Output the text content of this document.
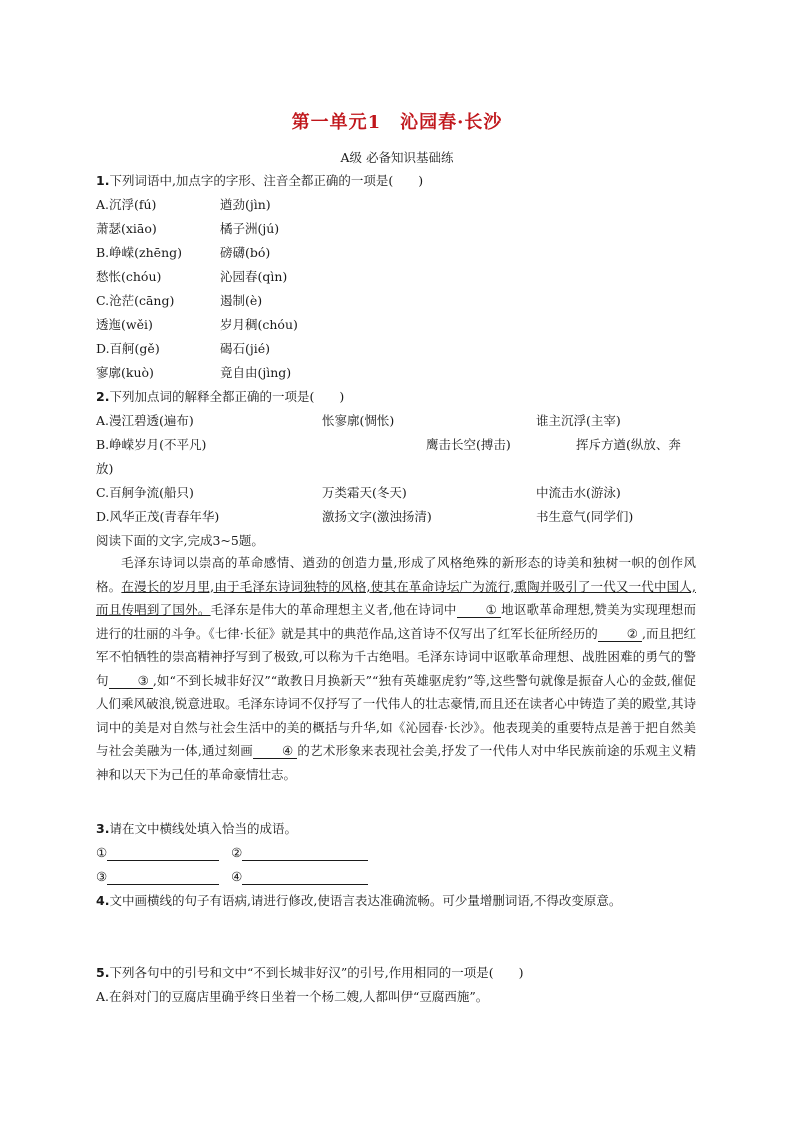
第一单元1　沁园春·长沙
A级 必备知识基础练
1.下列词语中,加点字的字形、注音全都正确的一项是(　　)
A.沉浮(fú)	遒劲(jìn)
萧瑟(xiāo)	橘子洲(jú)
B.峥嵘(zhēng)	磅礴(bó)
愁怅(chóu)	沁园春(qìn)
C.沧茫(cāng)	遏制(è)
透迤(wěi)	岁月稠(chóu)
D.百舸(gě)	碣石(jié)
寥廓(kuò)	竟自由(jìng)
2.下列加点词的解释全都正确的一项是(　　)
A.漫江碧透(遍布)	怅寥廓(惆怅)	谁主沉浮(主宰)
B.峥嵘岁月(不平凡)	鹰击长空(搏击)	挥斥方遒(纵放、奔
放)
C.百舸争流(船只)	万类霜天(冬天)	中流击水(游泳)
D.风华正茂(青春年华)	激扬文字(激浊扬清)	书生意气(同学们)
阅读下面的文字,完成3~5题。
毛泽东诗词以崇高的革命感情、遒劲的创造力量,形成了风格绝殊的新形态的诗美和独树一帜的创作风格。在漫长的岁月里,由于毛泽东诗词独特的风格,使其在革命诗坛广为流行,熏陶并吸引了一代又一代中国人,而且传唱到了国外。毛泽东是伟大的革命理想主义者,他在诗词中 ① 地讴歌革命理想,赞美为实现理想而进行的壮丽的斗争。《七律·长征》就是其中的典范作品,这首诗不仅写出了红军长征所经历的 ② ,而且把红军不怕牺牲的崇高精神抒写到了极致,可以称为千古绝唱。毛泽东诗词中讴歌革命理想、战胜困难的勇气的警句 ③ ,如“不到长城非好汉”“敢教日月换新天”“独有英雄驱虎豹”等,这些警句就像是振奋人心的金鼓,催促人们乘风破浪,锐意进取。毛泽东诗词不仅抒写了一代伟人的壮志豪情,而且还在读者心中铸造了美的殿堂,其诗词中的美是对自然与社会生活中的美的概括与升华,如《沁园春·长沙》。他表现美的重要特点是善于把自然美与社会美融为一体,通过刻画 ④ 的艺术形象来表现社会美,抒发了一代伟人对中华民族前途的乐观主义精神和以天下为己任的革命豪情壮志。
3.请在文中横线处填入恰当的成语。
①	②
③	④
4.文中画横线的句子有语病,请进行修改,使语言表达准确流畅。可少量增删词语,不得改变原意。
5.下列各句中的引号和文中“不到长城非好汉”的引号,作用相同的一项是(　　)
A.在斜对门的豆腐店里确乎终日坐着一个杨二嫂,人都叫伊“豆腐西施”。
